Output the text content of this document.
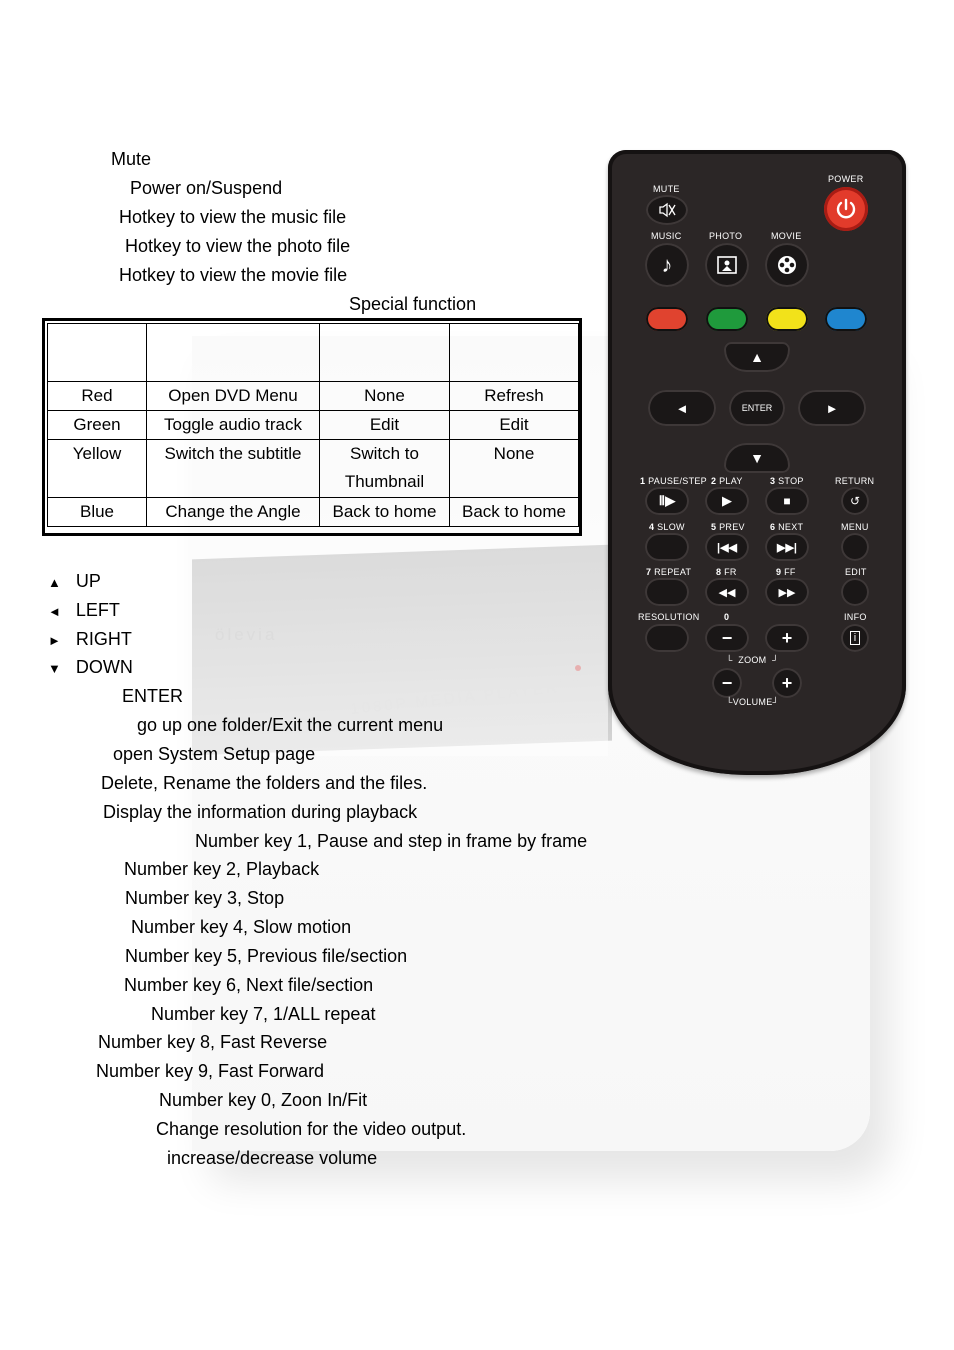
ölevia
1080P MEDIA PLAYER POWER
Mute
Power on/Suspend
Hotkey to view the music file
Hotkey to view the photo file
Hotkey to view the movie file
Special function

Red	Open DVD Menu	None	Refresh
Green	Toggle audio track	Edit	Edit
Yellow	Switch the subtitle	Switch to Thumbnail	None
Blue	Change the Angle	Back to home	Back to home
▲ UP
◄ LEFT
► RIGHT
▼ DOWN
ENTER
go up one folder/Exit the current menu
open System Setup page
Delete, Rename the folders and the files.
Display the information during playback
Number key 1, Pause and step in frame by frame
Number key 2, Playback
Number key 3, Stop
Number key 4, Slow motion
Number key 5, Previous file/section
Number key 6, Next file/section
Number key 7, 1/ALL repeat
Number key 8, Fast Reverse
Number key 9, Fast Forward
Number key 0, Zoon In/Fit
Change resolution for the video output.
increase/decrease volume
MUTE
POWER
MUSIC	PHOTO	MOVIE
♪
▲
◄	ENTER	►
▼
1 PAUSE/STEP 2 PLAY	3 STOP	RETURN
Ⅱ▶	▶	■	↺
4 SLOW	5 PREV	6 NEXT	MENU
|◀◀	▶▶|
7 REPEAT	8 FR	9 FF	EDIT
◀◀	▶▶
RESOLUTION	0	INFO
−	+	i
└  ZOOM  ┘
−	+
└VOLUME┘
